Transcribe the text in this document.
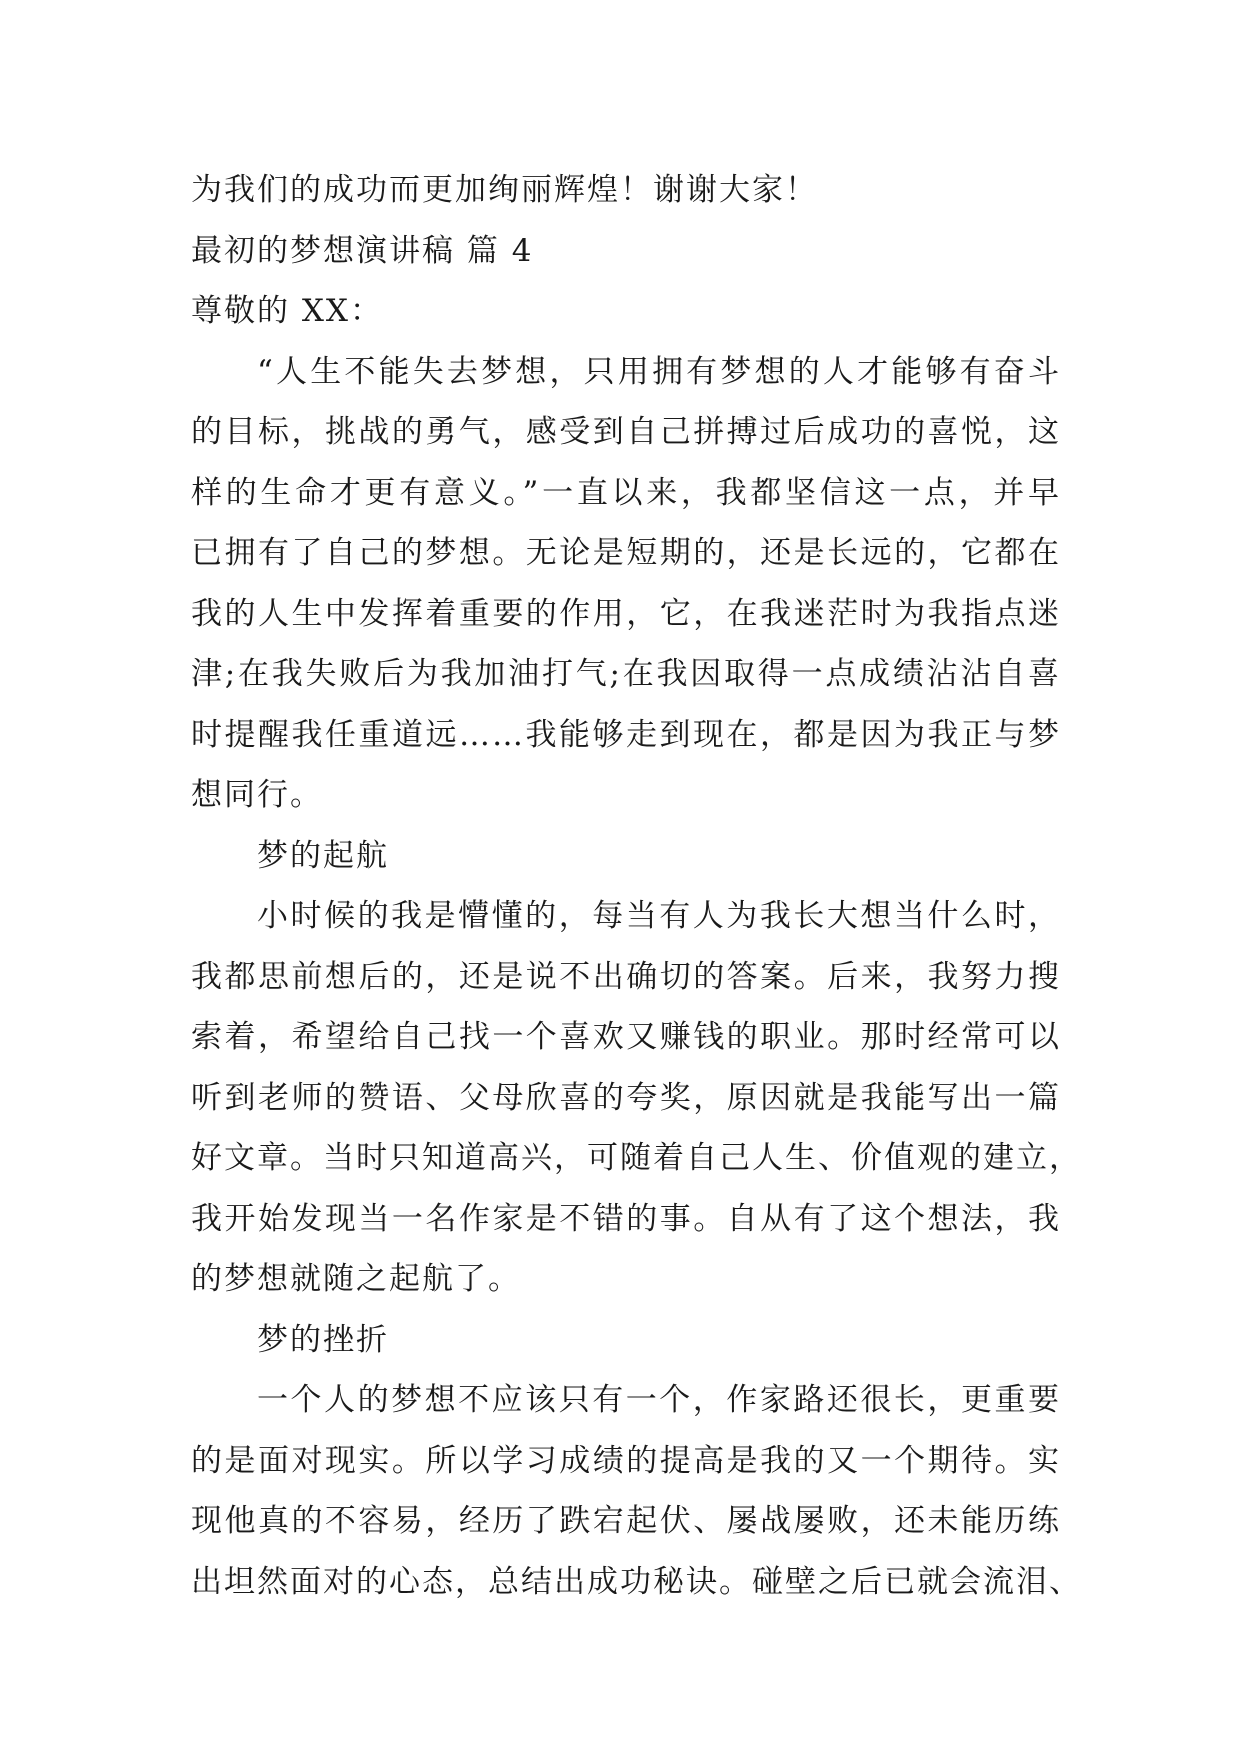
为我们的成功而更加绚丽辉煌！谢谢大家！
最初的梦想演讲稿 篇 4
尊敬的 XX：
“人生不能失去梦想，只用拥有梦想的人才能够有奋斗
的目标，挑战的勇气，感受到自己拼搏过后成功的喜悦，这
样的生命才更有意义。”一直以来，我都坚信这一点，并早
已拥有了自己的梦想。无论是短期的，还是长远的，它都在
我的人生中发挥着重要的作用，它，在我迷茫时为我指点迷
津;在我失败后为我加油打气;在我因取得一点成绩沾沾自喜
时提醒我任重道远……我能够走到现在，都是因为我正与梦
想同行。
梦的起航
小时候的我是懵懂的，每当有人为我长大想当什么时，
我都思前想后的，还是说不出确切的答案。后来，我努力搜
索着，希望给自己找一个喜欢又赚钱的职业。那时经常可以
听到老师的赞语、父母欣喜的夸奖，原因就是我能写出一篇
好文章。当时只知道高兴，可随着自己人生、价值观的建立，
我开始发现当一名作家是不错的事。自从有了这个想法，我
的梦想就随之起航了。
梦的挫折
一个人的梦想不应该只有一个，作家路还很长，更重要
的是面对现实。所以学习成绩的提高是我的又一个期待。实
现他真的不容易，经历了跌宕起伏、屡战屡败，还未能历练
出坦然面对的心态，总结出成功秘诀。碰壁之后已就会流泪、
